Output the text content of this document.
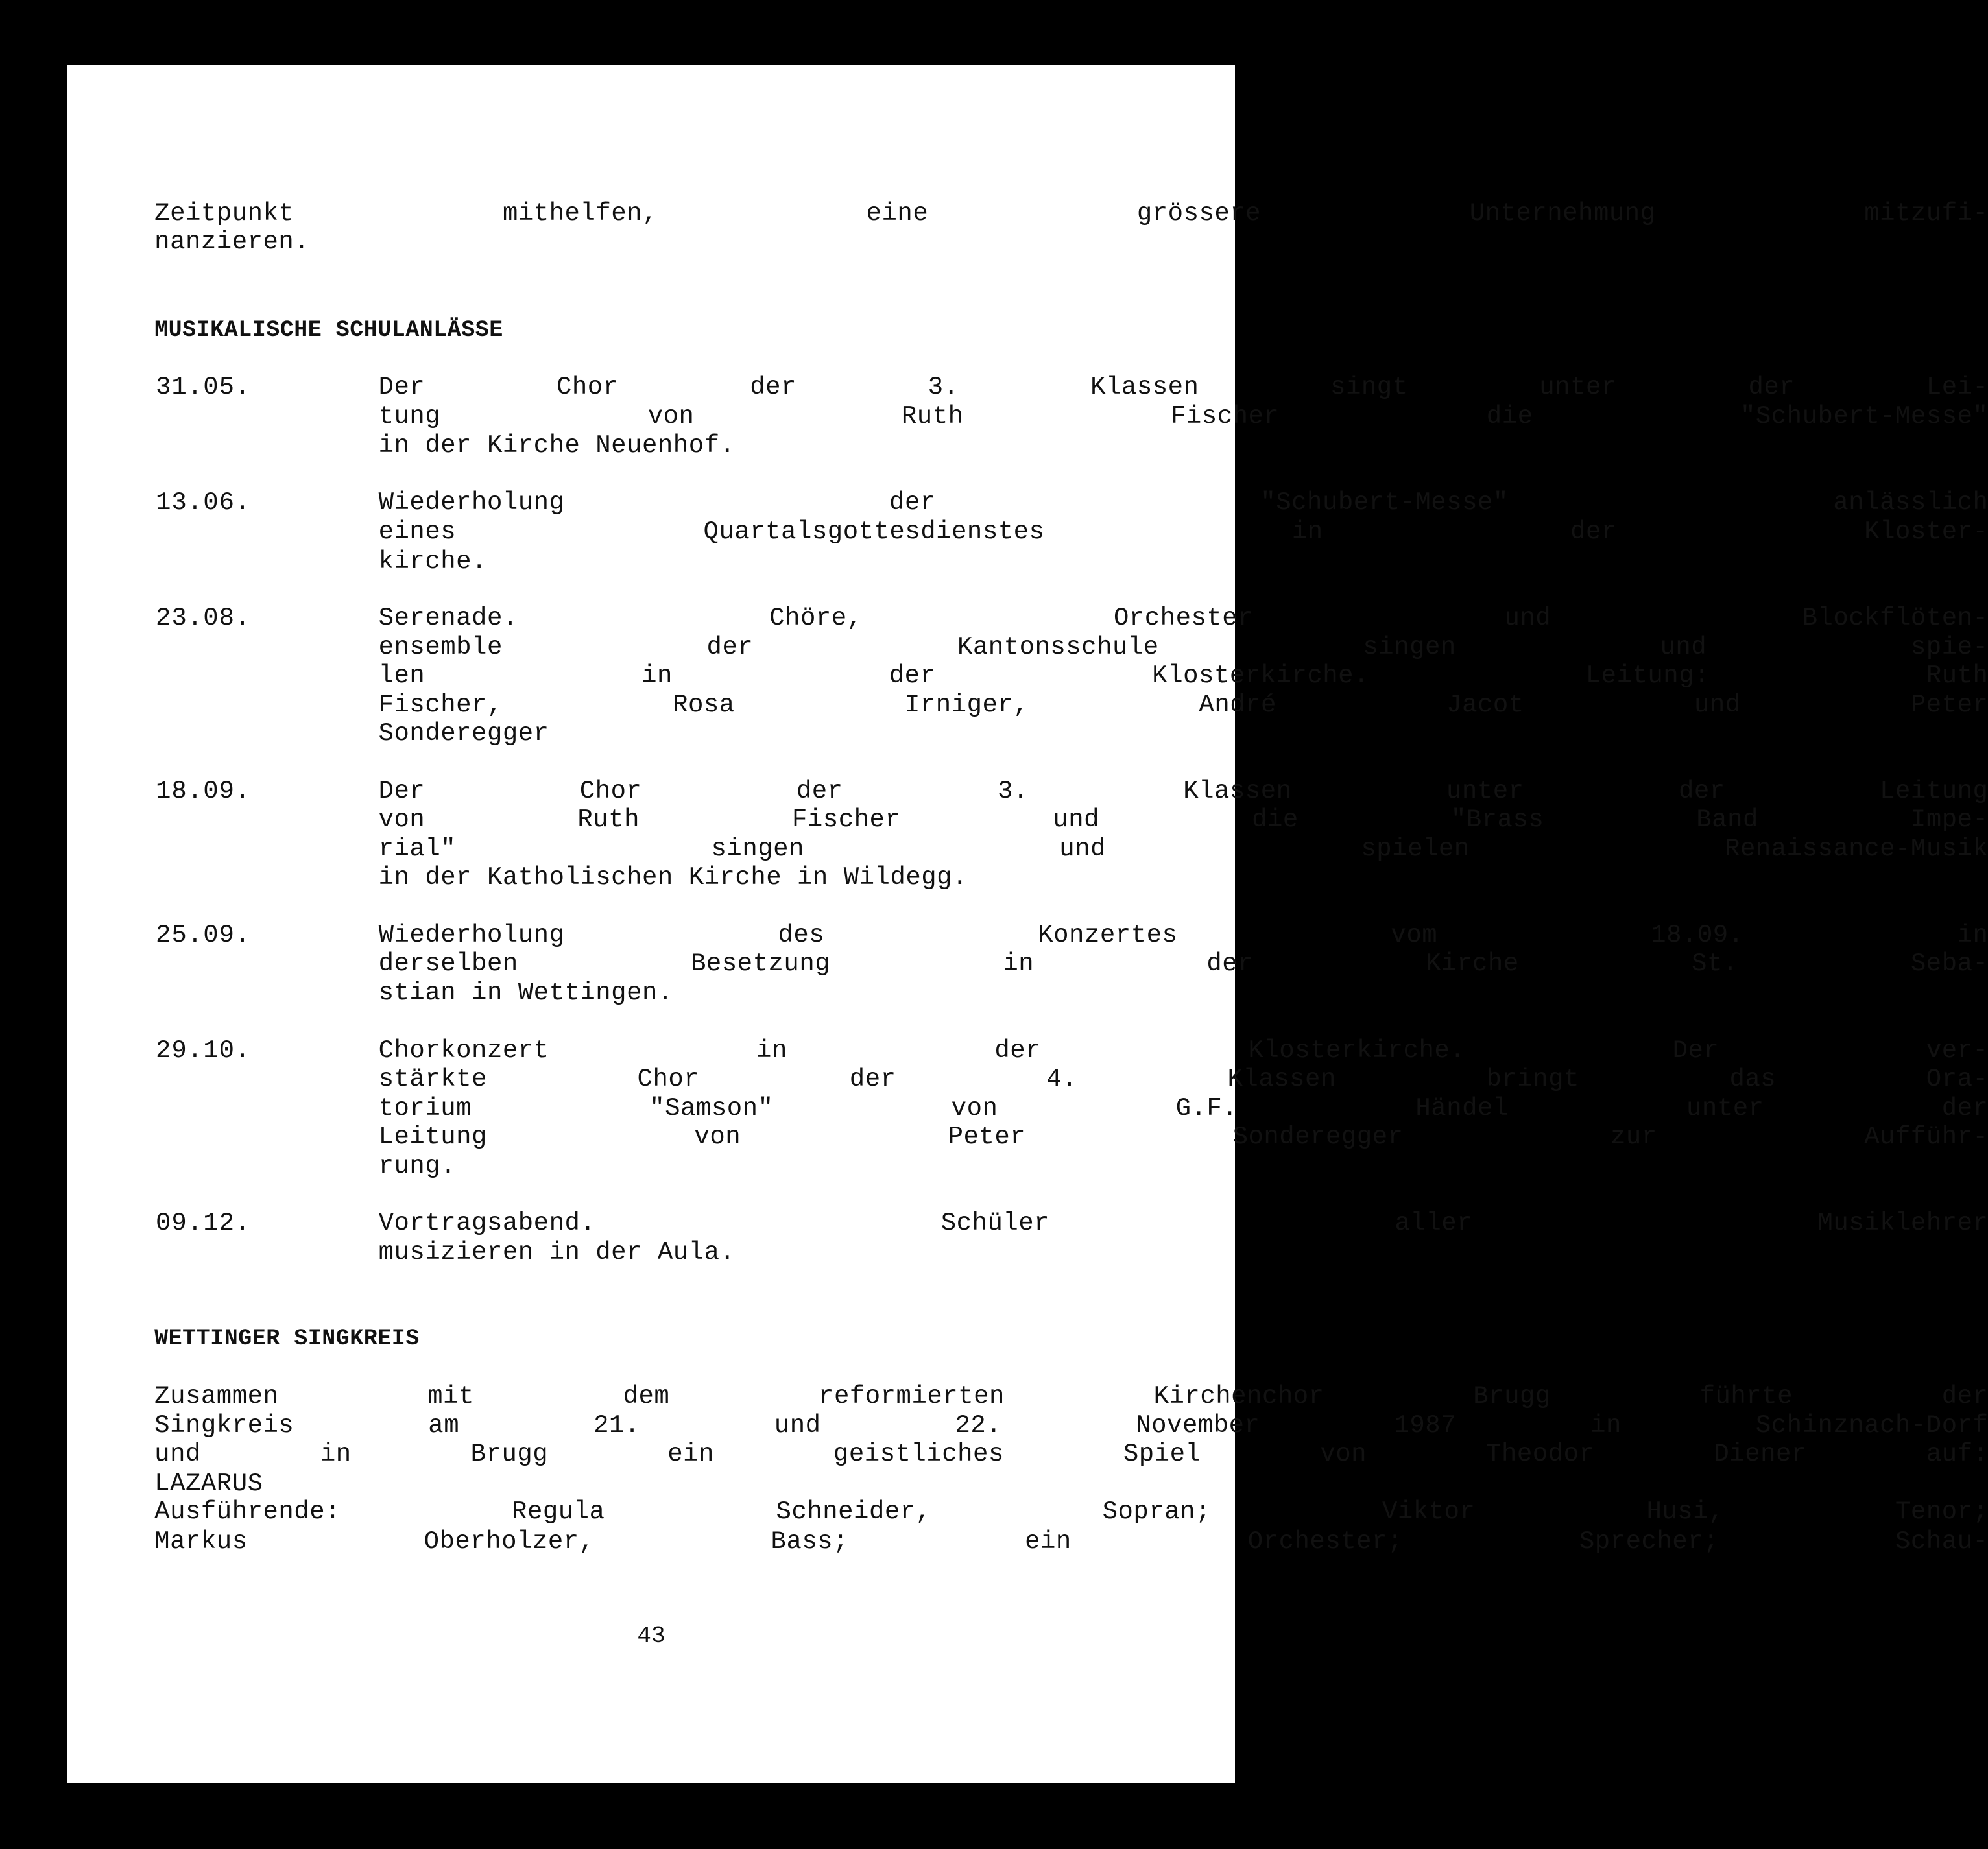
Zeitpunkt mithelfen, eine grössere Unternehmung mitzufi-
nanzieren.
MUSIKALISCHE SCHULANLÄSSE
31.05.	Der Chor der 3. Klassen singt unter der Lei-
tung von Ruth Fischer die "Schubert-Messe"
in der Kirche Neuenhof.
13.06.	Wiederholung der "Schubert-Messe" anlässlich
eines Quartalsgottesdienstes in der Kloster-
kirche.
23.08.	Serenade. Chöre, Orchester und Blockflöten-
ensemble der Kantonsschule singen und spie-
len in der Klosterkirche. Leitung: Ruth
Fischer, Rosa Irniger, André Jacot und Peter
Sonderegger
18.09.	Der Chor der 3. Klassen unter der Leitung
von Ruth Fischer und die "Brass Band Impe-
rial" singen und spielen Renaissance-Musik
in der Katholischen Kirche in Wildegg.
25.09.	Wiederholung des Konzertes vom 18.09. in
derselben Besetzung in der Kirche St. Seba-
stian in Wettingen.
29.10.	Chorkonzert in der Klosterkirche. Der ver-
stärkte Chor der 4. Klassen bringt das Ora-
torium "Samson" von G.F. Händel unter der
Leitung von Peter Sonderegger zur Aufführ-
rung.
09.12.	Vortragsabend. Schüler aller Musiklehrer
musizieren in der Aula.
WETTINGER SINGKREIS
Zusammen mit dem reformierten Kirchenchor Brugg führte der
Singkreis am 21. und 22. November 1987 in Schinznach-Dorf
und in Brugg ein geistliches Spiel von Theodor Diener auf:
LAZARUS
Ausführende: Regula Schneider, Sopran; Viktor Husi, Tenor;
Markus Oberholzer, Bass; ein Orchester; Sprecher; Schau-
43
